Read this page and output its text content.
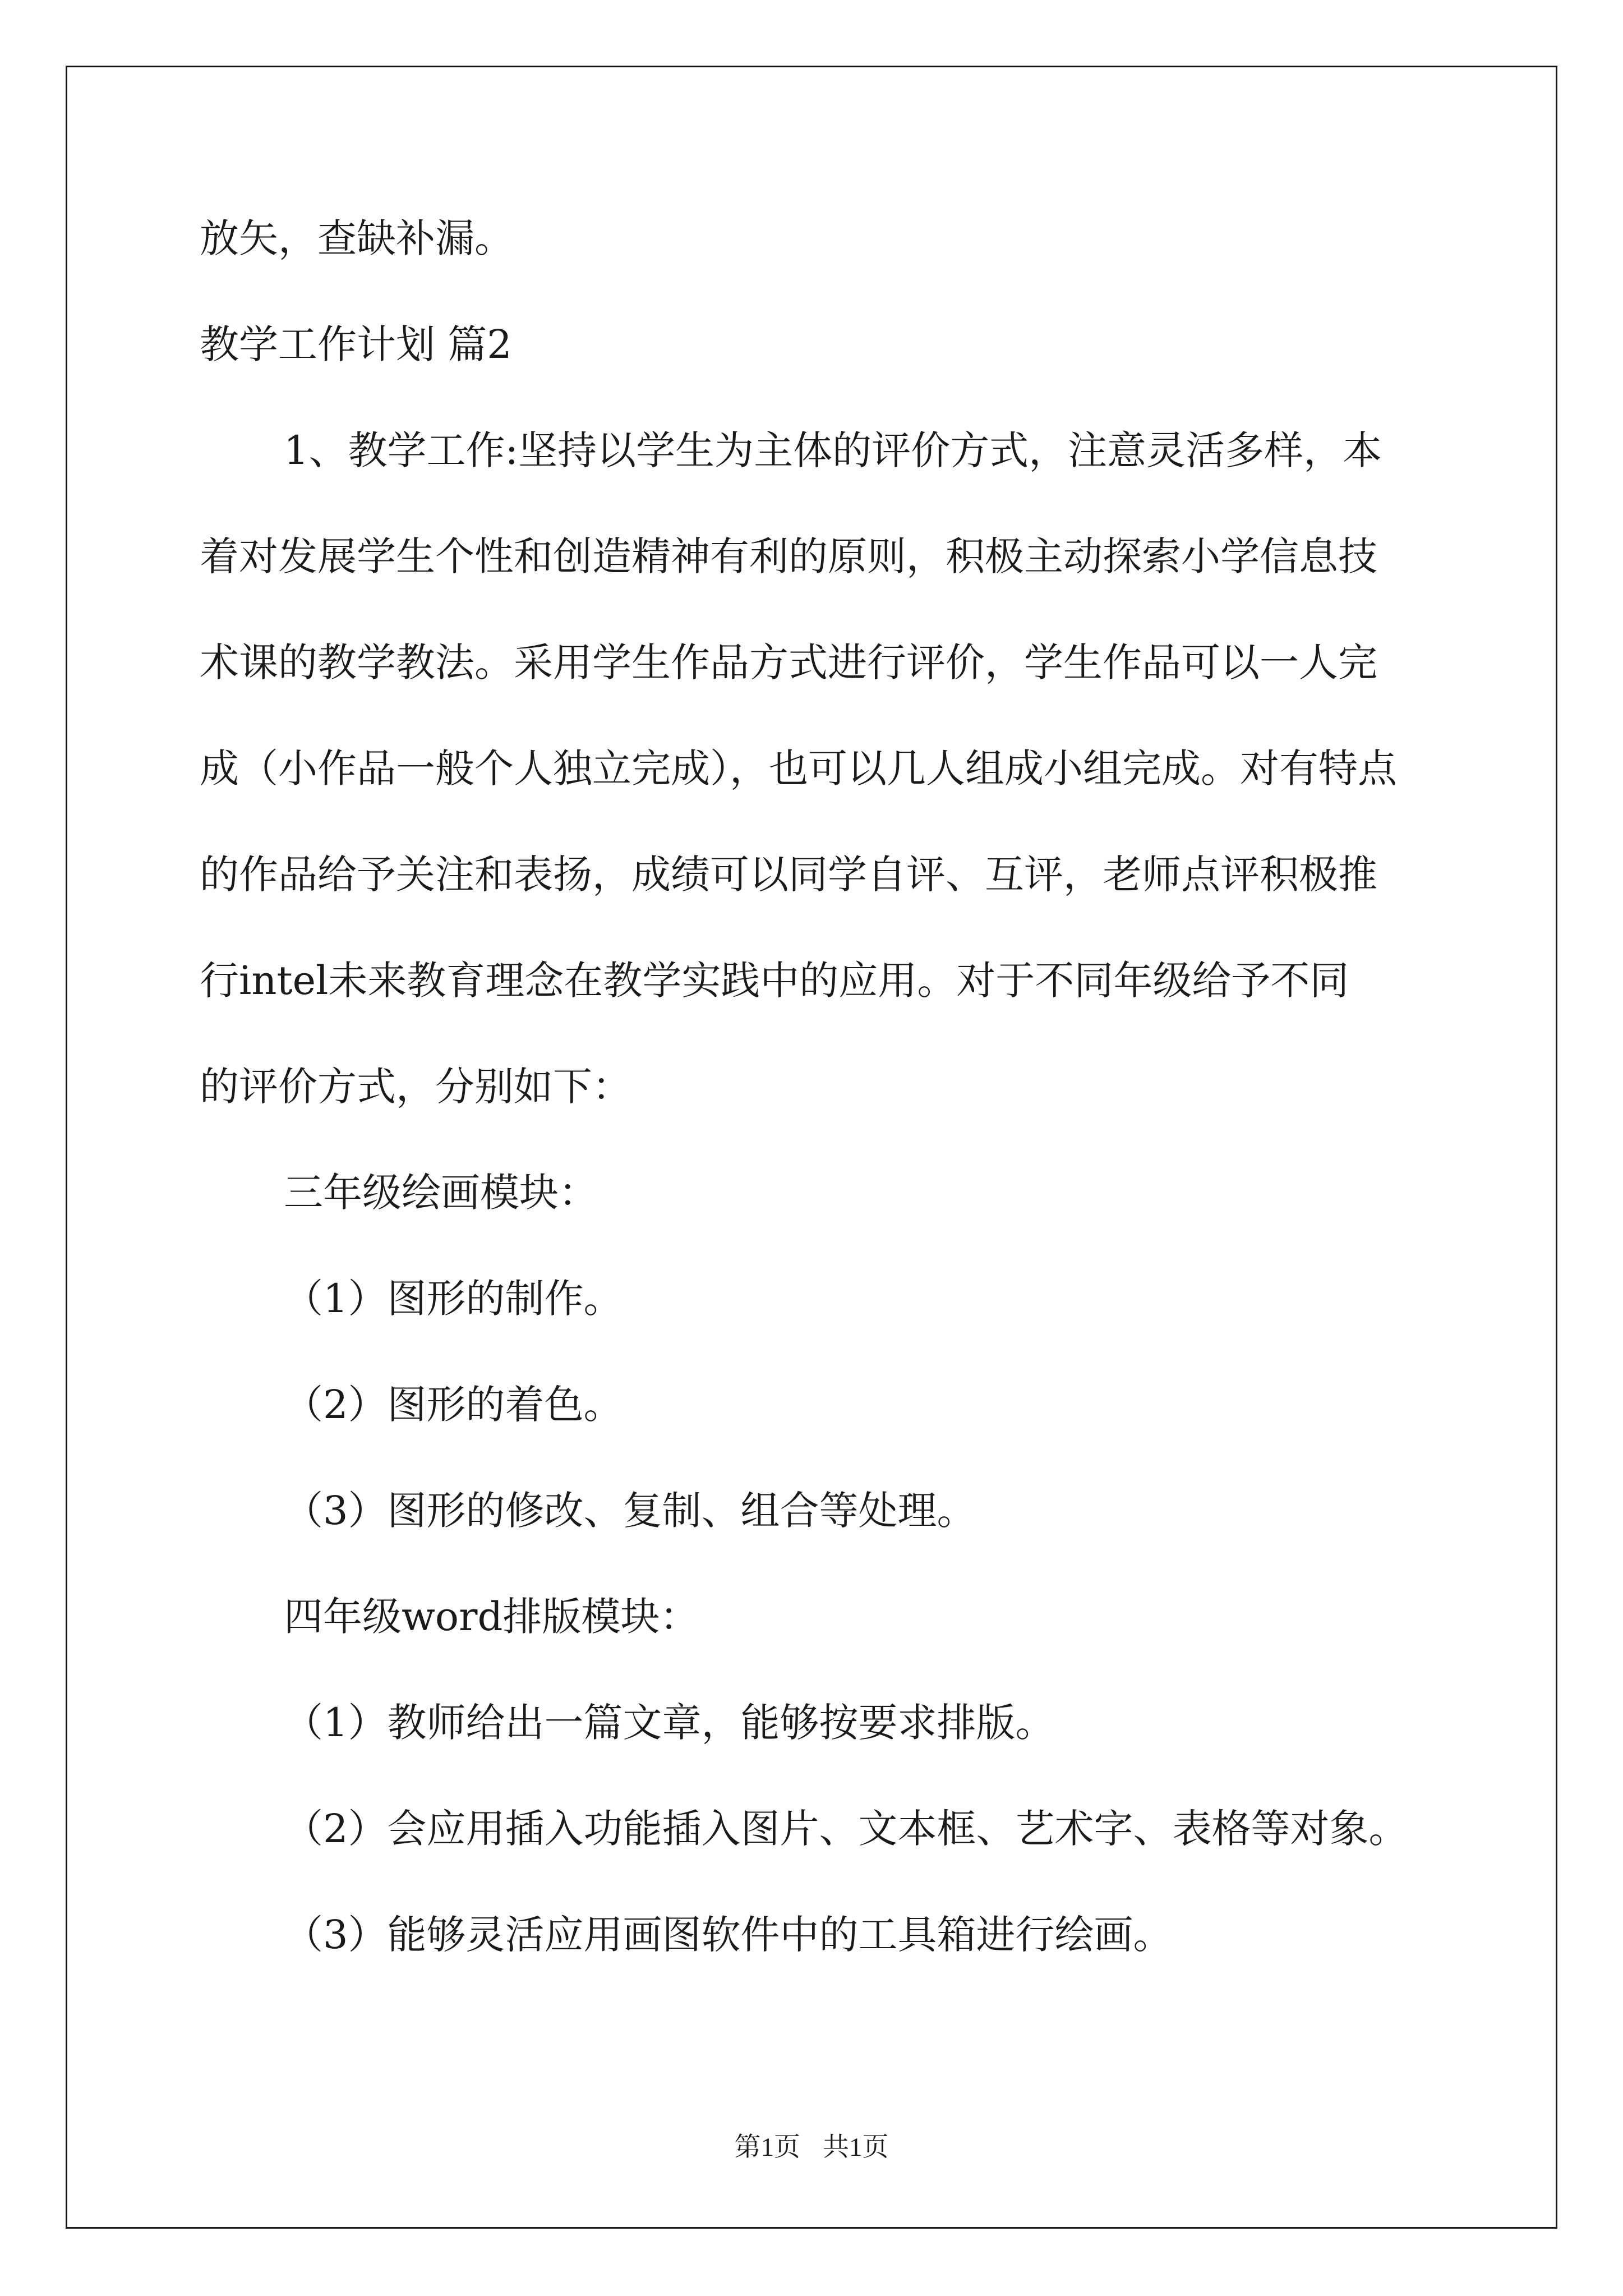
放矢，查缺补漏。
教学工作计划 篇2
1、教学工作:坚持以学生为主体的评价方式，注意灵活多样，本
着对发展学生个性和创造精神有利的原则，积极主动探索小学信息技
术课的教学教法。采用学生作品方式进行评价，学生作品可以一人完
成（小作品一般个人独立完成），也可以几人组成小组完成。对有特点
的作品给予关注和表扬，成绩可以同学自评、互评，老师点评积极推
行intel未来教育理念在教学实践中的应用。对于不同年级给予不同
的评价方式，分别如下：
三年级绘画模块：
（1）图形的制作。
（2）图形的着色。
（3）图形的修改、复制、组合等处理。
四年级word排版模块：
（1）教师给出一篇文章，能够按要求排版。
（2）会应用插入功能插入图片、文本框、艺术字、表格等对象。
（3）能够灵活应用画图软件中的工具箱进行绘画。
第1页 共1页
